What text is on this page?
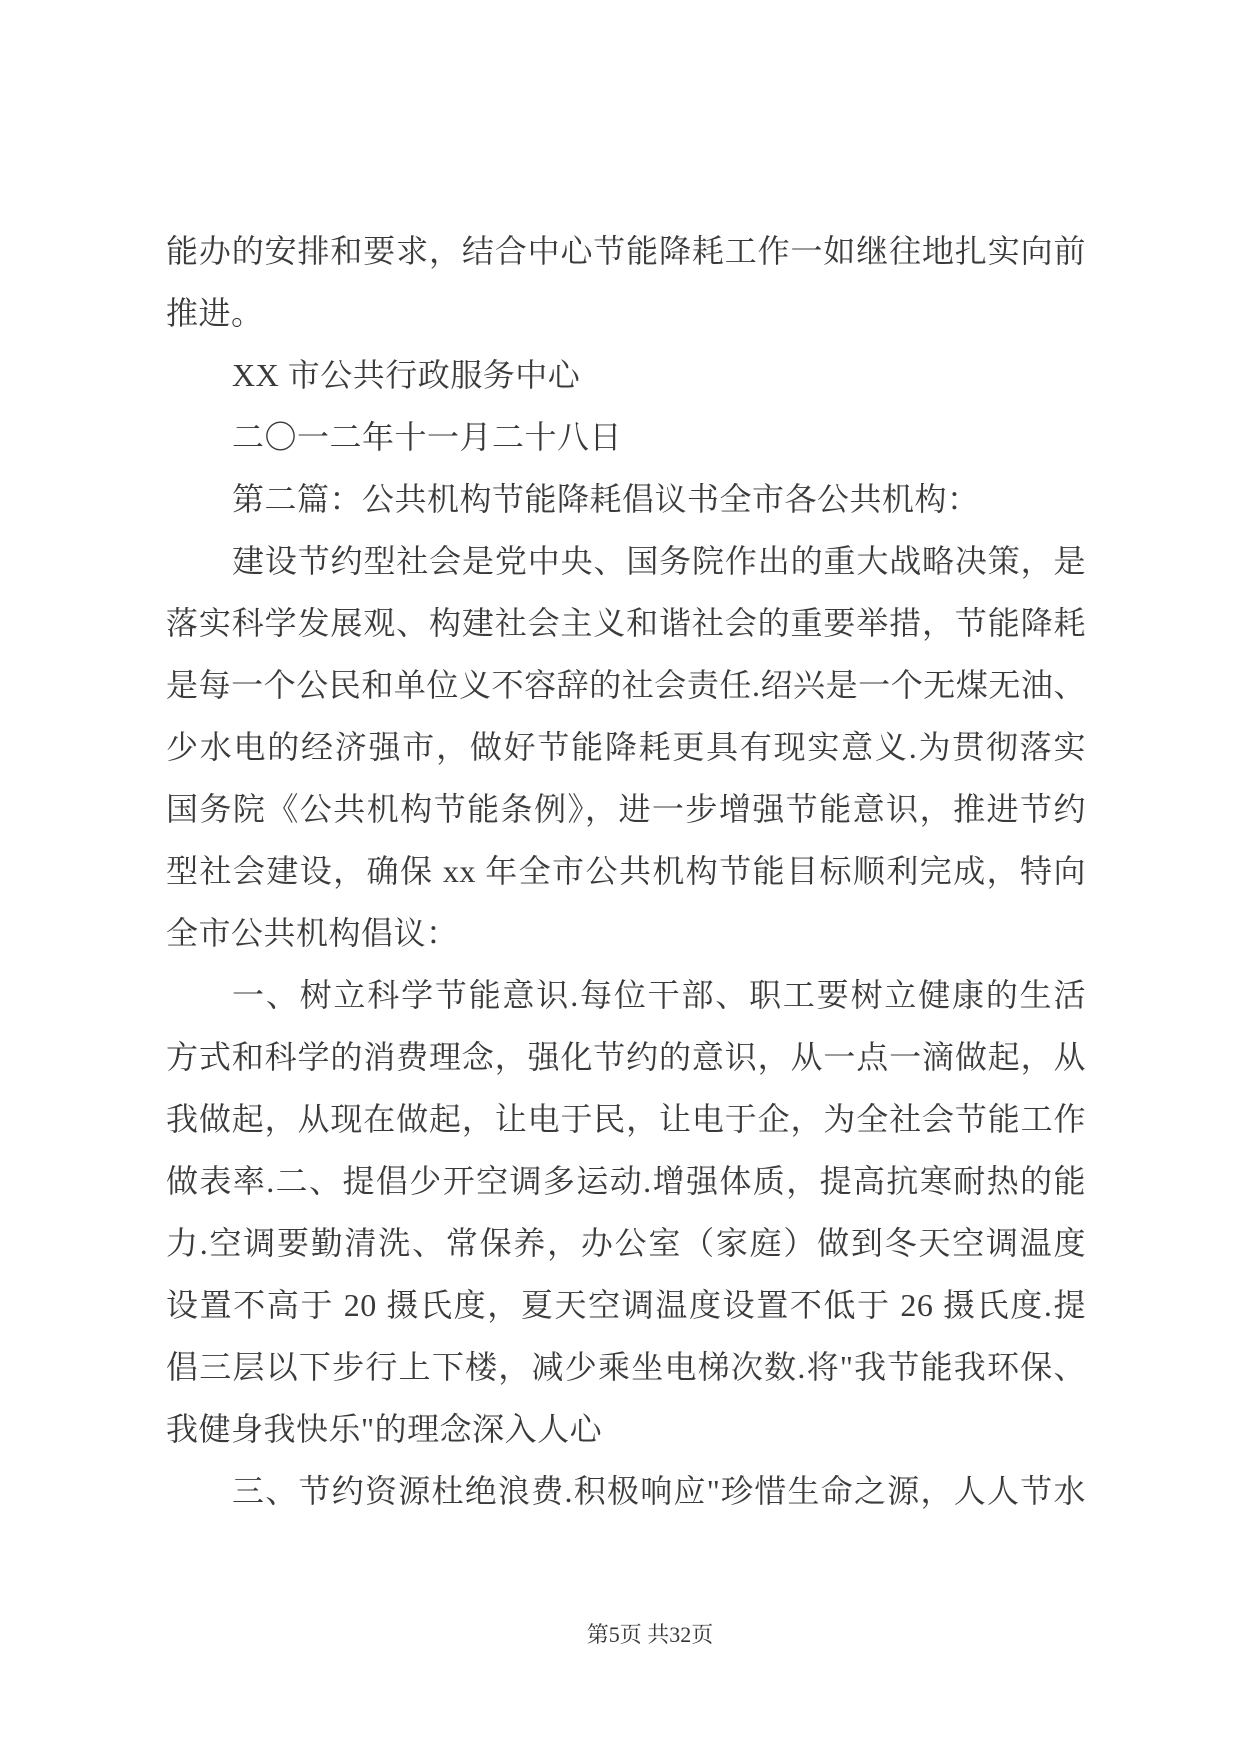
能办的安排和要求，结合中心节能降耗工作一如继往地扎实向前
推进。
XX 市公共行政服务中心
二〇一二年十一月二十八日
第二篇：公共机构节能降耗倡议书全市各公共机构：
建设节约型社会是党中央、国务院作出的重大战略决策，是
落实科学发展观、构建社会主义和谐社会的重要举措，节能降耗
是每一个公民和单位义不容辞的社会责任.绍兴是一个无煤无油、
少水电的经济强市，做好节能降耗更具有现实意义.为贯彻落实
国务院《公共机构节能条例》，进一步增强节能意识，推进节约
型社会建设，确保 xx 年全市公共机构节能目标顺利完成，特向
全市公共机构倡议：
一、树立科学节能意识.每位干部、职工要树立健康的生活
方式和科学的消费理念，强化节约的意识，从一点一滴做起，从
我做起，从现在做起，让电于民，让电于企，为全社会节能工作
做表率.二、提倡少开空调多运动.增强体质，提高抗寒耐热的能
力.空调要勤清洗、常保养，办公室（家庭）做到冬天空调温度
设置不高于 20 摄氏度，夏天空调温度设置不低于 26 摄氏度.提
倡三层以下步行上下楼，减少乘坐电梯次数.将"我节能我环保、
我健身我快乐"的理念深入人心
三、节约资源杜绝浪费.积极响应"珍惜生命之源，人人节水
第5页 共32页
